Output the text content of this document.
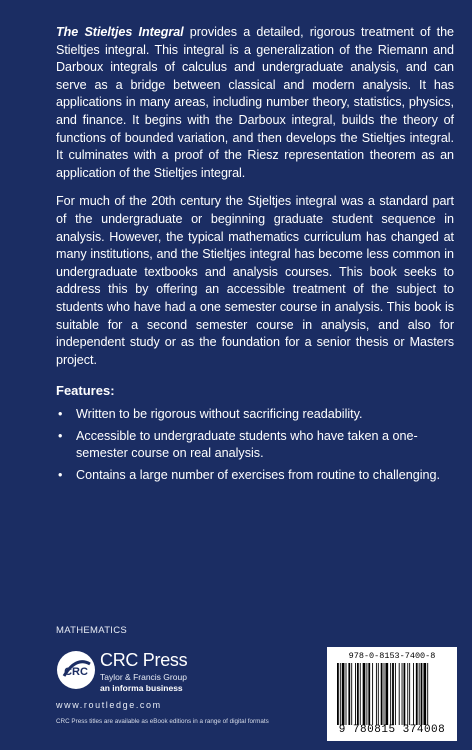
The Stieltjes Integral provides a detailed, rigorous treatment of the Stieltjes integral. This integral is a generalization of the Riemann and Darboux integrals of calculus and undergraduate analysis, and can serve as a bridge between classical and modern analysis. It has applications in many areas, including number theory, statistics, physics, and finance. It begins with the Darboux integral, builds the theory of functions of bounded variation, and then develops the Stieltjes integral. It culminates with a proof of the Riesz representation theorem as an application of the Stieltjes integral.

For much of the 20th century the Stjeltjes integral was a standard part of the undergraduate or beginning graduate student sequence in analysis. However, the typical mathematics curriculum has changed at many institutions, and the Stieltjes integral has become less common in undergraduate textbooks and analysis courses. This book seeks to address this by offering an accessible treatment of the subject to students who have had a one semester course in analysis. This book is suitable for a second semester course in analysis, and also for independent study or as the foundation for a senior thesis or Masters project.

Features:
• Written to be rigorous without sacrificing readability.
• Accessible to undergraduate students who have taken a one-semester course on real analysis.
• Contains a large number of exercises from routine to challenging.
MATHEMATICS
CRC
CRC Press
Taylor & Francis Group
an informa business
www.routledge.com
CRC Press titles are available as eBook editions in a range of digital formats
978-0-8153-7400-8
9 780815 374008
